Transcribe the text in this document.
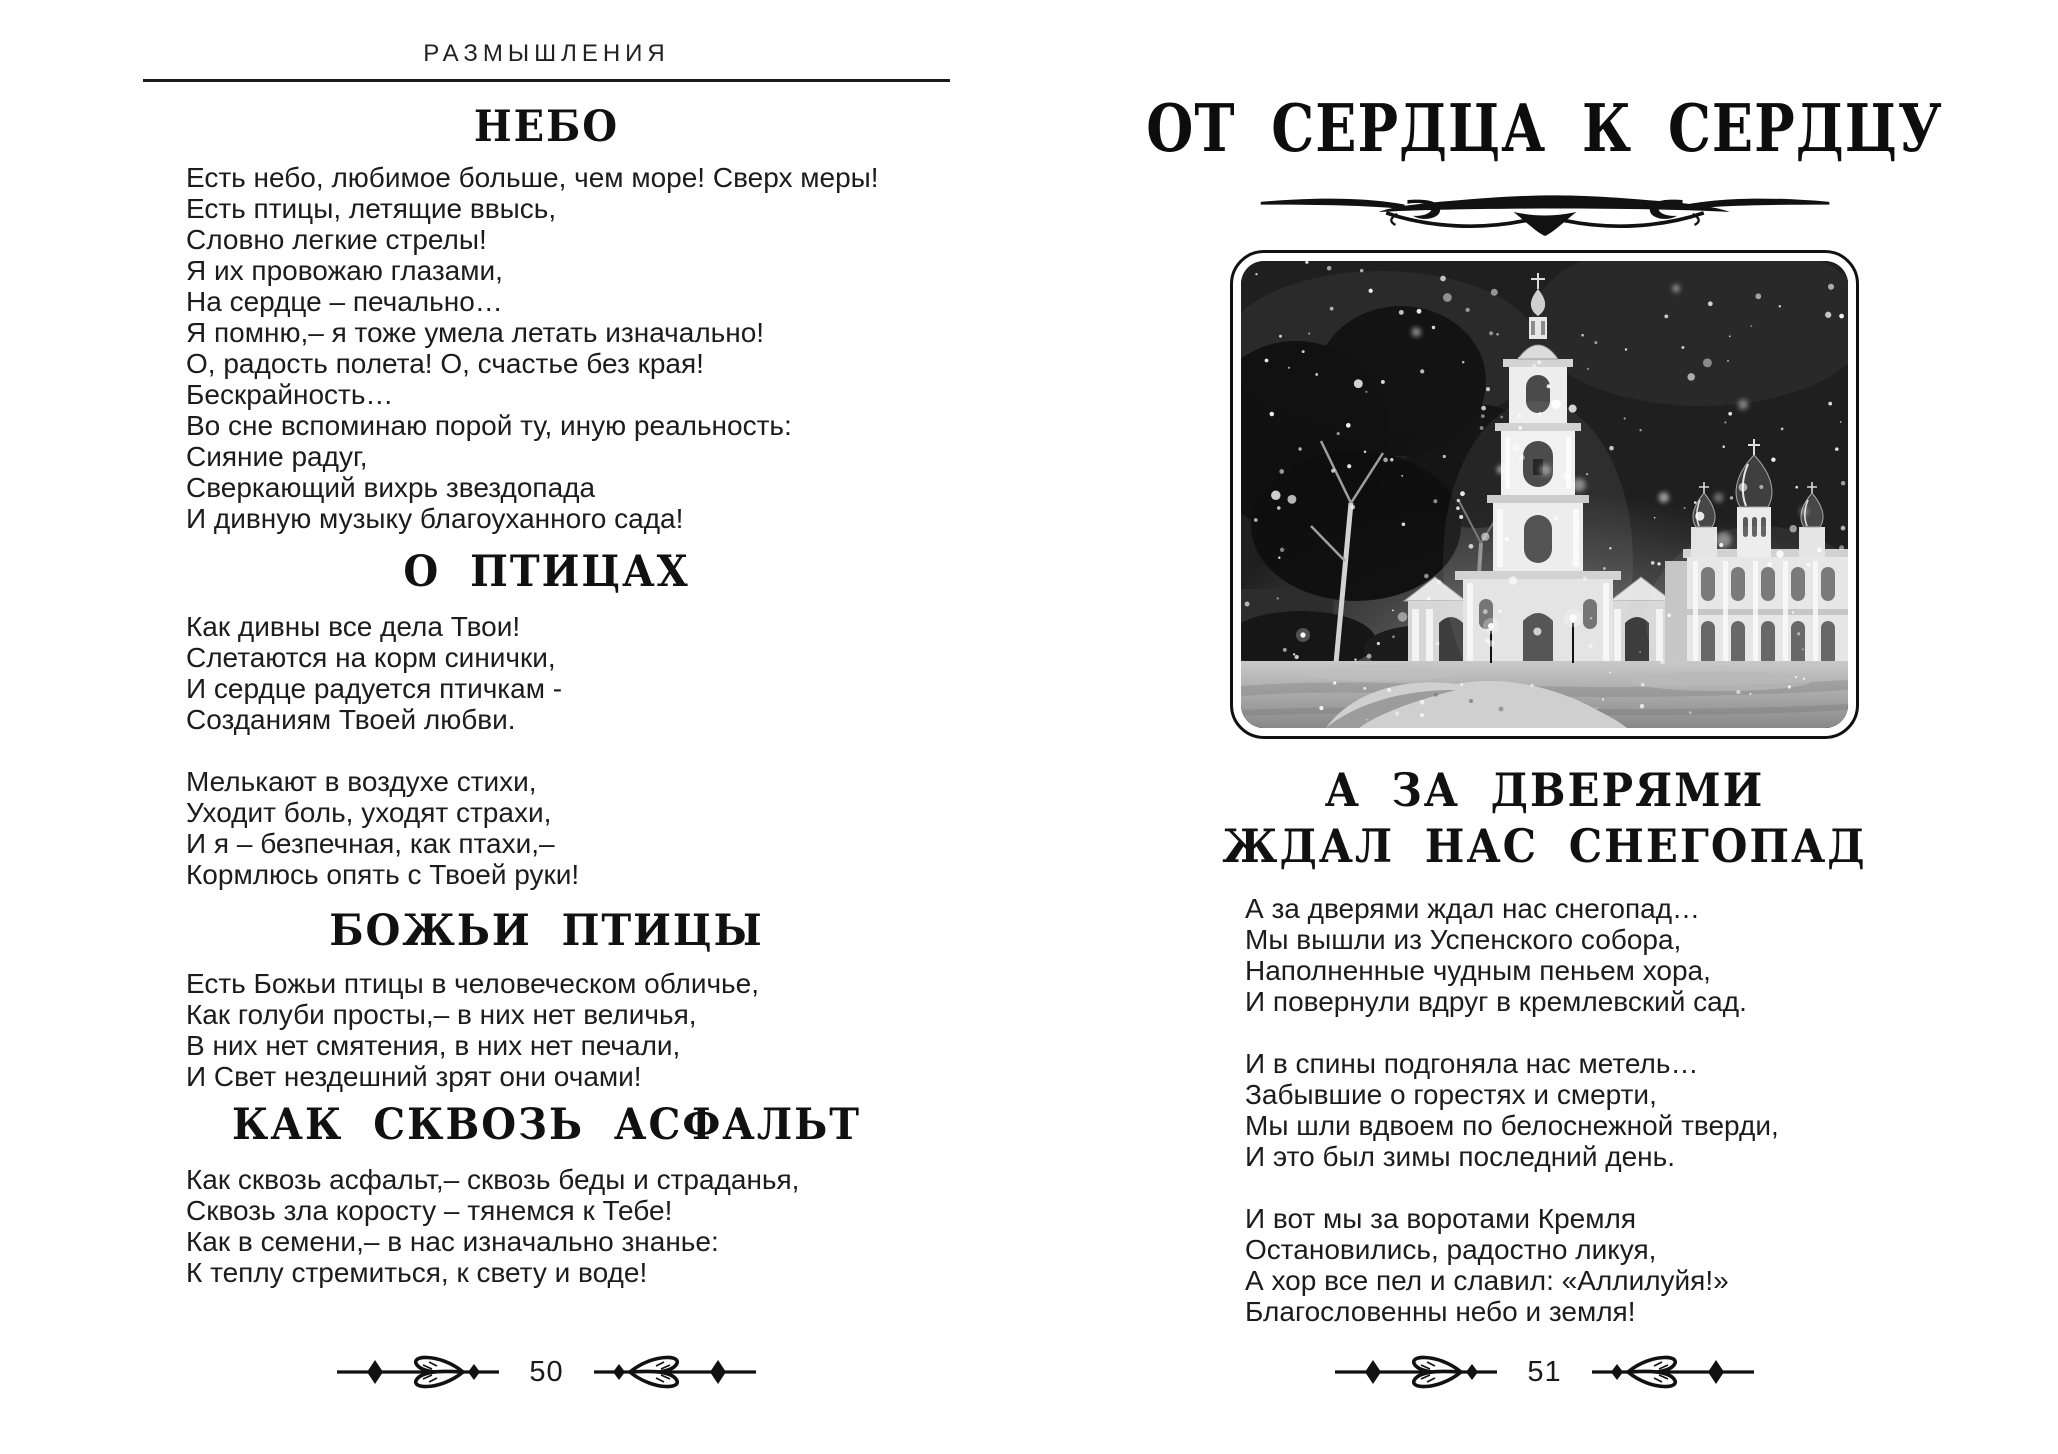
РАЗМЫШЛЕНИЯ
НЕБО
Есть небо, любимое больше, чем море! Сверх меры!
Есть птицы, летящие ввысь,
Словно легкие стрелы!
Я их провожаю глазами,
На сердце – печально…
Я помню,– я тоже умела летать изначально!
О, радость полета! О, счастье без края!
Бескрайность…
Во сне вспоминаю порой ту, иную реальность:
Сияние радуг,
Сверкающий вихрь звездопада
И дивную музыку благоуханного сада!
О ПТИЦАХ
Как дивны все дела Твои!
Слетаются на корм синички,
И сердце радуется птичкам -
Созданиям Твоей любви.
Мелькают в воздухе стихи,
Уходит боль, уходят страхи,
И я – безпечная, как птахи,–
Кормлюсь опять с Твоей руки!
БОЖЬИ ПТИЦЫ
Есть Божьи птицы в человеческом обличье,
Как голуби просты,– в них нет величья,
В них нет смятения, в них нет печали,
И Свет нездешний зрят они очами!
КАК СКВОЗЬ АСФАЛЬТ
Как сквозь асфальт,– сквозь беды и страданья,
Сквозь зла коросту – тянемся к Тебе!
Как в семени,– в нас изначально знанье:
К теплу стремиться, к свету и воде!
50
ОТ СЕРДЦА К СЕРДЦУ
А ЗА ДВЕРЯМИ
ЖДАЛ НАС СНЕГОПАД
А за дверями ждал нас снегопад…
Мы вышли из Успенского собора,
Наполненные чудным пеньем хора,
И повернули вдруг в кремлевский сад.
И в спины подгоняла нас метель…
Забывшие о горестях и смерти,
Мы шли вдвоем по белоснежной тверди,
И это был зимы последний день.
И вот мы за воротами Кремля
Остановились, радостно ликуя,
А хор все пел и славил: «Аллилуйя!»
Благословенны небо и земля!
51
